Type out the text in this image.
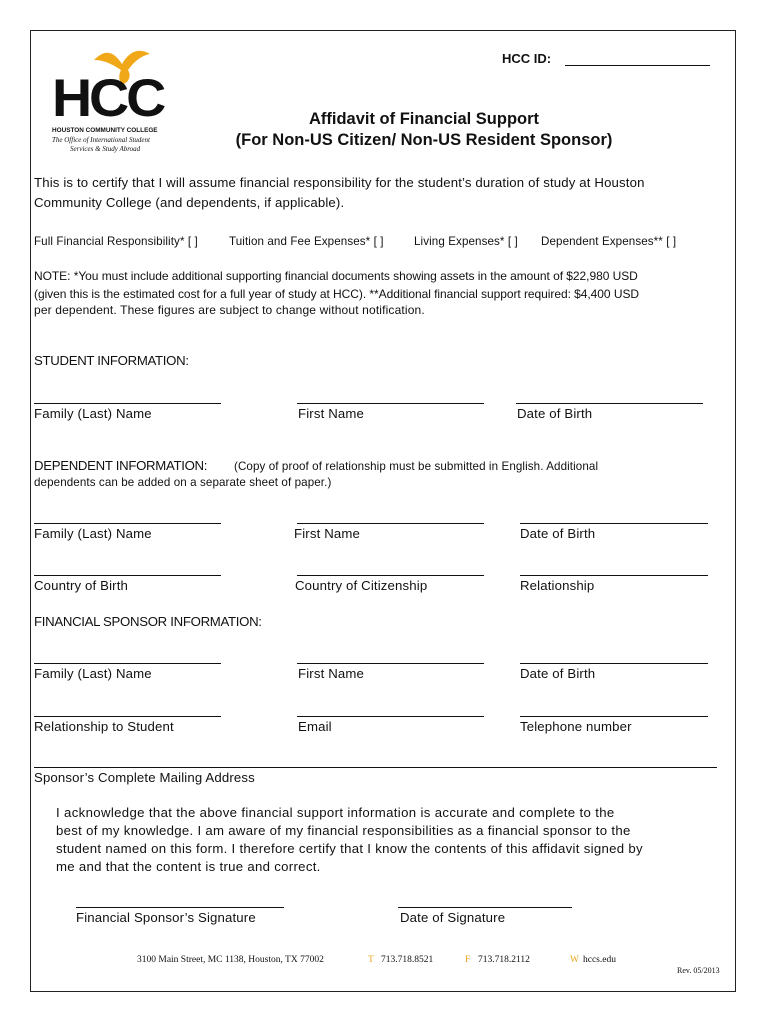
HCC
HOUSTON COMMUNITY COLLEGE
The Office of International Student
Services & Study Abroad
HCC ID:
Affidavit of Financial Support
(For Non-US Citizen/ Non-US Resident Sponsor)
This is to certify that I will assume financial responsibility for the student’s duration of study at Houston
Community College (and dependents, if applicable).
Full Financial Responsibility* [ ]	Tuition and Fee Expenses* [ ]	Living Expenses* [ ] Dependent Expenses** [ ]
NOTE: *You must include additional supporting financial documents showing assets in the amount of $22,980 USD
(given this is the estimated cost for a full year of study at HCC). **Additional financial support required: $4,400 USD
per dependent. These figures are subject to change without notification.
STUDENT INFORMATION:
Family (Last) Name	First Name	Date of Birth
DEPENDENT INFORMATION: (Copy of proof of relationship must be submitted in English. Additional
dependents can be added on a separate sheet of paper.)
Family (Last) Name	First Name	Date of Birth
Country of Birth	Country of Citizenship	Relationship
FINANCIAL SPONSOR INFORMATION:
Family (Last) Name	First Name	Date of Birth
Relationship to Student	Email	Telephone number
Sponsor’s Complete Mailing Address
I acknowledge that the above financial support information is accurate and complete to the
best of my knowledge. I am aware of my financial responsibilities as a financial sponsor to the
student named on this form. I therefore certify that I know the contents of this affidavit signed by
me and that the content is true and correct.
Financial Sponsor’s Signature	Date of Signature
3100 Main Street, MC 1138, Houston, TX 77002	T 713.718.8521	F 713.718.2112	W hccs.edu
Rev. 05/2013
